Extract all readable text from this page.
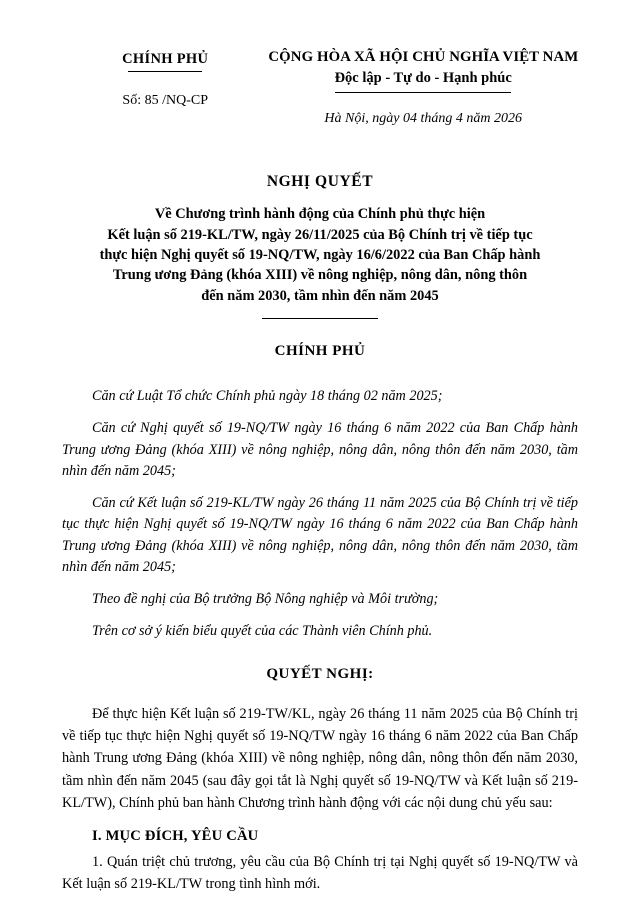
CHÍNH PHỦ
Số: 85 /NQ-CP
CỘNG HÒA XÃ HỘI CHỦ NGHĨA VIỆT NAM
Độc lập - Tự do - Hạnh phúc
Hà Nội, ngày 04 tháng 4 năm 2026
NGHỊ QUYẾT
Về Chương trình hành động của Chính phủ thực hiện
Kết luận số 219-KL/TW, ngày 26/11/2025 của Bộ Chính trị về tiếp tục
thực hiện Nghị quyết số 19-NQ/TW, ngày 16/6/2022 của Ban Chấp hành
Trung ương Đảng (khóa XIII) về nông nghiệp, nông dân, nông thôn
đến năm 2030, tầm nhìn đến năm 2045
CHÍNH PHỦ

Căn cứ Luật Tổ chức Chính phủ ngày 18 tháng 02 năm 2025;

Căn cứ Nghị quyết số 19-NQ/TW ngày 16 tháng 6 năm 2022 của Ban Chấp hành Trung ương Đảng (khóa XIII) về nông nghiệp, nông dân, nông thôn đến năm 2030, tầm nhìn đến năm 2045;

Căn cứ Kết luận số 219-KL/TW ngày 26 tháng 11 năm 2025 của Bộ Chính trị về tiếp tục thực hiện Nghị quyết số 19-NQ/TW ngày 16 tháng 6 năm 2022 của Ban Chấp hành Trung ương Đảng (khóa XIII) về nông nghiệp, nông dân, nông thôn đến năm 2030, tầm nhìn đến năm 2045;

Theo đề nghị của Bộ trưởng Bộ Nông nghiệp và Môi trường;

Trên cơ sở ý kiến biểu quyết của các Thành viên Chính phủ.

QUYẾT NGHỊ:

Để thực hiện Kết luận số 219-TW/KL, ngày 26 tháng 11 năm 2025 của Bộ Chính trị về tiếp tục thực hiện Nghị quyết số 19-NQ/TW ngày 16 tháng 6 năm 2022 của Ban Chấp hành Trung ương Đảng (khóa XIII) về nông nghiệp, nông dân, nông thôn đến năm 2030, tầm nhìn đến năm 2045 (sau đây gọi tắt là Nghị quyết số 19-NQ/TW và Kết luận số 219-KL/TW), Chính phủ ban hành Chương trình hành động với các nội dung chủ yếu sau:

I. MỤC ĐÍCH, YÊU CẦU

1. Quán triệt chủ trương, yêu cầu của Bộ Chính trị tại Nghị quyết số 19-NQ/TW và Kết luận số 219-KL/TW trong tình hình mới.
